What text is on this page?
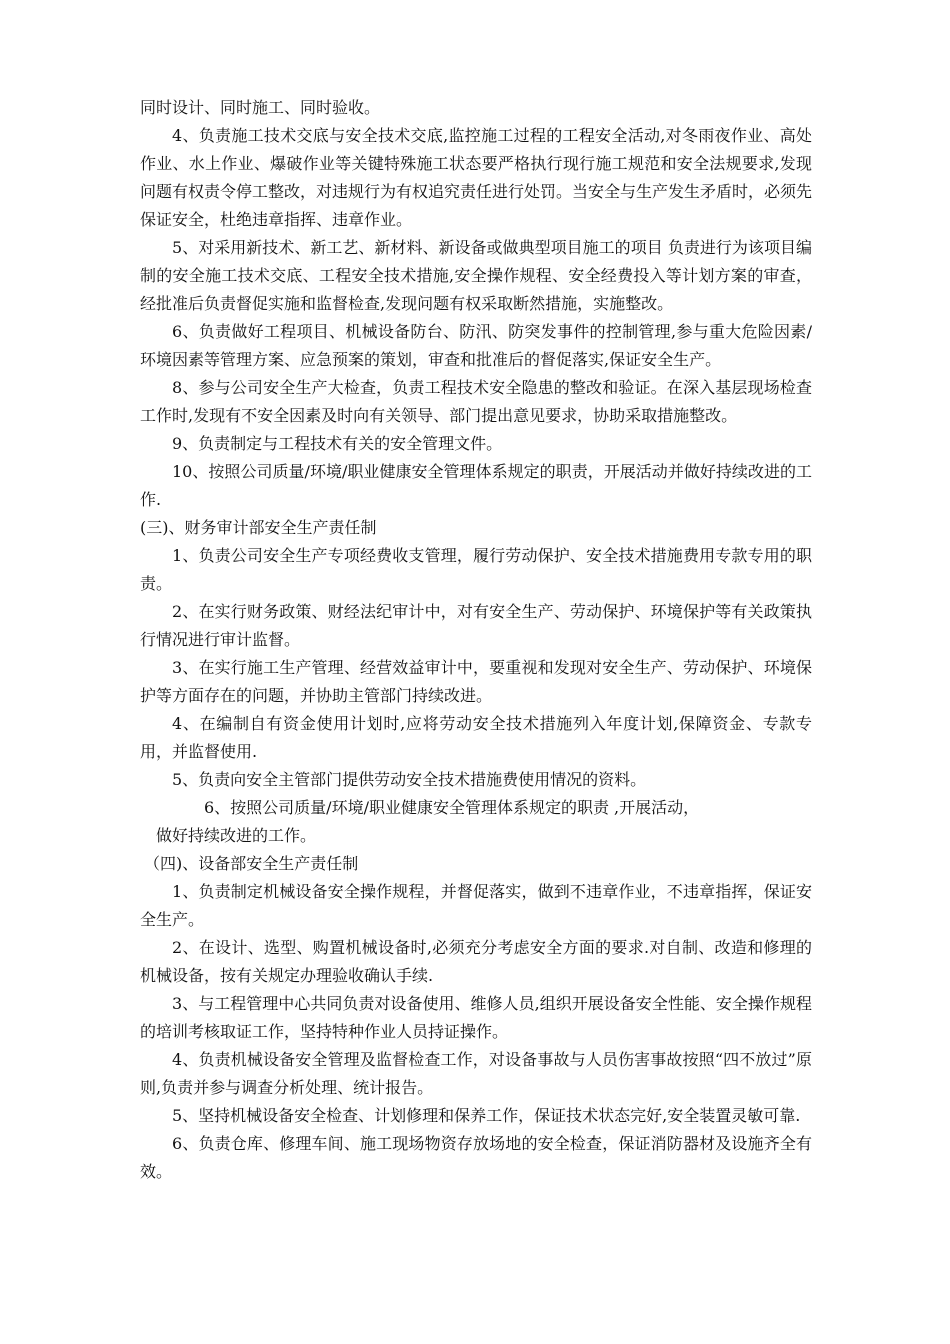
同时设计、同时施工、同时验收。

4、负责施工技术交底与安全技术交底,监控施工过程的工程安全活动,对冬雨夜作业、高处作业、水上作业、爆破作业等关键特殊施工状态要严格执行现行施工规范和安全法规要求,发现问题有权责令停工整改，对违规行为有权追究责任进行处罚。当安全与生产发生矛盾时，必须先保证安全，杜绝违章指挥、违章作业。

5、对采用新技术、新工艺、新材料、新设备或做典型项目施工的项目 负责进行为该项目编制的安全施工技术交底、工程安全技术措施,安全操作规程、安全经费投入等计划方案的审查，经批准后负责督促实施和监督检查,发现问题有权采取断然措施，实施整改。

6、负责做好工程项目、机械设备防台、防汛、防突发事件的控制管理,参与重大危险因素/环境因素等管理方案、应急预案的策划，审查和批准后的督促落实,保证安全生产。

8、参与公司安全生产大检查，负责工程技术安全隐患的整改和验证。在深入基层现场检查工作时,发现有不安全因素及时向有关领导、部门提出意见要求，协助采取措施整改。

9、负责制定与工程技术有关的安全管理文件。

10、按照公司质量/环境/职业健康安全管理体系规定的职责，开展活动并做好持续改进的工作.

(三)、财务审计部安全生产责任制

1、负责公司安全生产专项经费收支管理，履行劳动保护、安全技术措施费用专款专用的职责。

2、在实行财务政策、财经法纪审计中，对有安全生产、劳动保护、环境保护等有关政策执行情况进行审计监督。

3、在实行施工生产管理、经营效益审计中，要重视和发现对安全生产、劳动保护、环境保护等方面存在的问题，并协助主管部门持续改进。

4、在编制自有资金使用计划时,应将劳动安全技术措施列入年度计划,保障资金、专款专用，并监督使用.

5、负责向安全主管部门提供劳动安全技术措施费使用情况的资料。

6、按照公司质量/环境/职业健康安全管理体系规定的职责 ,开展活动，
做好持续改进的工作。

（四)、设备部安全生产责任制

1、负责制定机械设备安全操作规程，并督促落实，做到不违章作业，不违章指挥，保证安全生产。

2、在设计、选型、购置机械设备时,必须充分考虑安全方面的要求.对自制、改造和修理的机械设备，按有关规定办理验收确认手续.

3、与工程管理中心共同负责对设备使用、维修人员,组织开展设备安全性能、安全操作规程的培训考核取证工作，坚持特种作业人员持证操作。

4、负责机械设备安全管理及监督检查工作，对设备事故与人员伤害事故按照“四不放过”原则,负责并参与调查分析处理、统计报告。

5、坚持机械设备安全检查、计划修理和保养工作，保证技术状态完好,安全装置灵敏可靠.

6、负责仓库、修理车间、施工现场物资存放场地的安全检查，保证消防器材及设施齐全有效。
